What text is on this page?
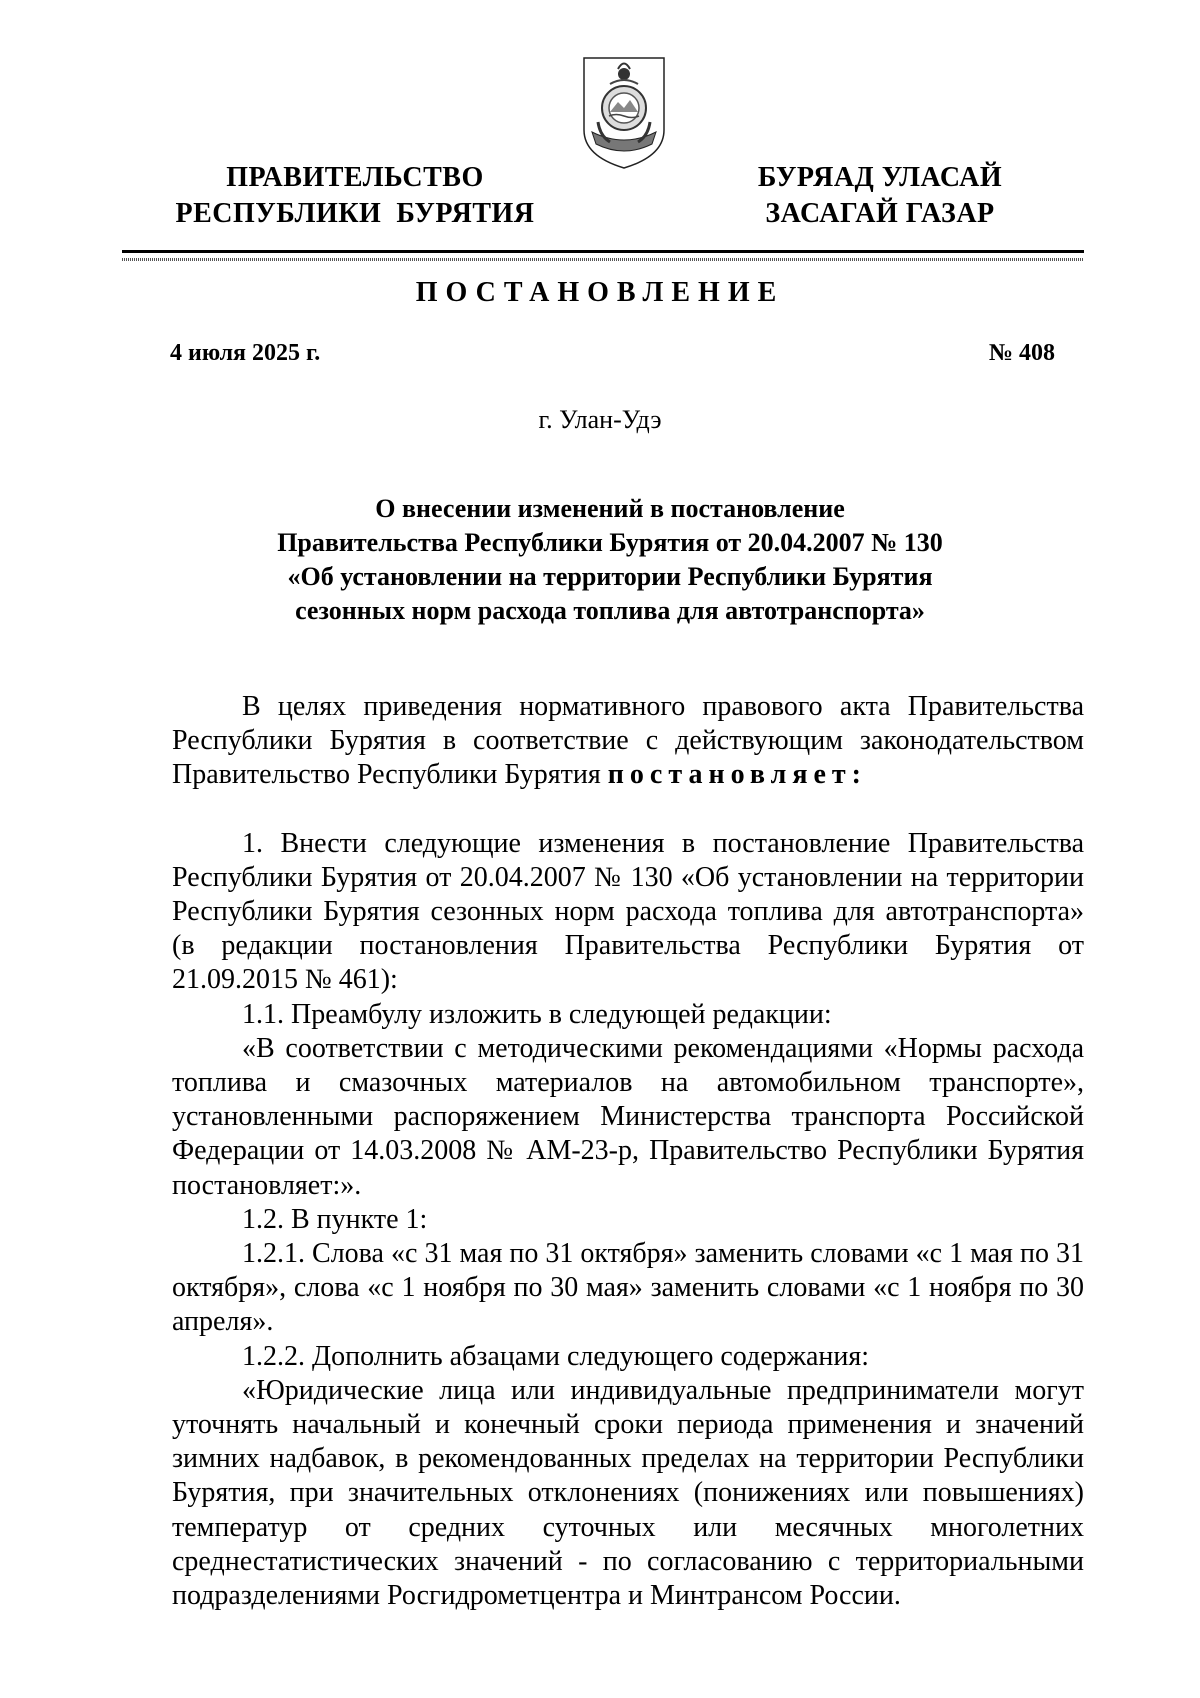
ПРАВИТЕЛЬСТВО
РЕСПУБЛИКИ  БУРЯТИЯ
БУРЯАД УЛАСАЙ
ЗАСАГАЙ ГАЗАР
ПОСТАНОВЛЕНИЕ
4 июля 2025 г.	№ 408
г. Улан-Удэ
О внесении изменений в постановление
Правительства Республики Бурятия от 20.04.2007 № 130
«Об установлении на территории Республики Бурятия
сезонных норм расхода топлива для автотранспорта»

В целях приведения нормативного правового акта Правительства Республики Бурятия в соответствие с действующим законодательством Правительство Республики Бурятия постановляет:

1. Внести следующие изменения в постановление Правительства Республики Бурятия от 20.04.2007 № 130 «Об установлении на территории Республики Бурятия сезонных норм расхода топлива для автотранспорта» (в редакции постановления Правительства Республики Бурятия от 21.09.2015 № 461):

1.1. Преамбулу изложить в следующей редакции:

«В соответствии с методическими рекомендациями «Нормы расхода топлива и смазочных материалов на автомобильном транспорте», установленными распоряжением Министерства транспорта Российской Федерации от 14.03.2008 № АМ-23-р, Правительство Республики Бурятия постановляет:».

1.2. В пункте 1:

1.2.1. Слова «с 31 мая по 31 октября» заменить словами «с 1 мая по 31 октября», слова «с 1 ноября по 30 мая» заменить словами «с 1 ноября по 30 апреля».

1.2.2. Дополнить абзацами следующего содержания:

«Юридические лица или индивидуальные предприниматели могут уточнять начальный и конечный сроки периода применения и значений зимних надбавок, в рекомендованных пределах на территории Республики Бурятия, при значительных отклонениях (понижениях или повышениях) температур от средних суточных или месячных многолетних среднестатистических значений - по согласованию с территориальными подразделениями Росгидрометцентра и Минтрансом России.
